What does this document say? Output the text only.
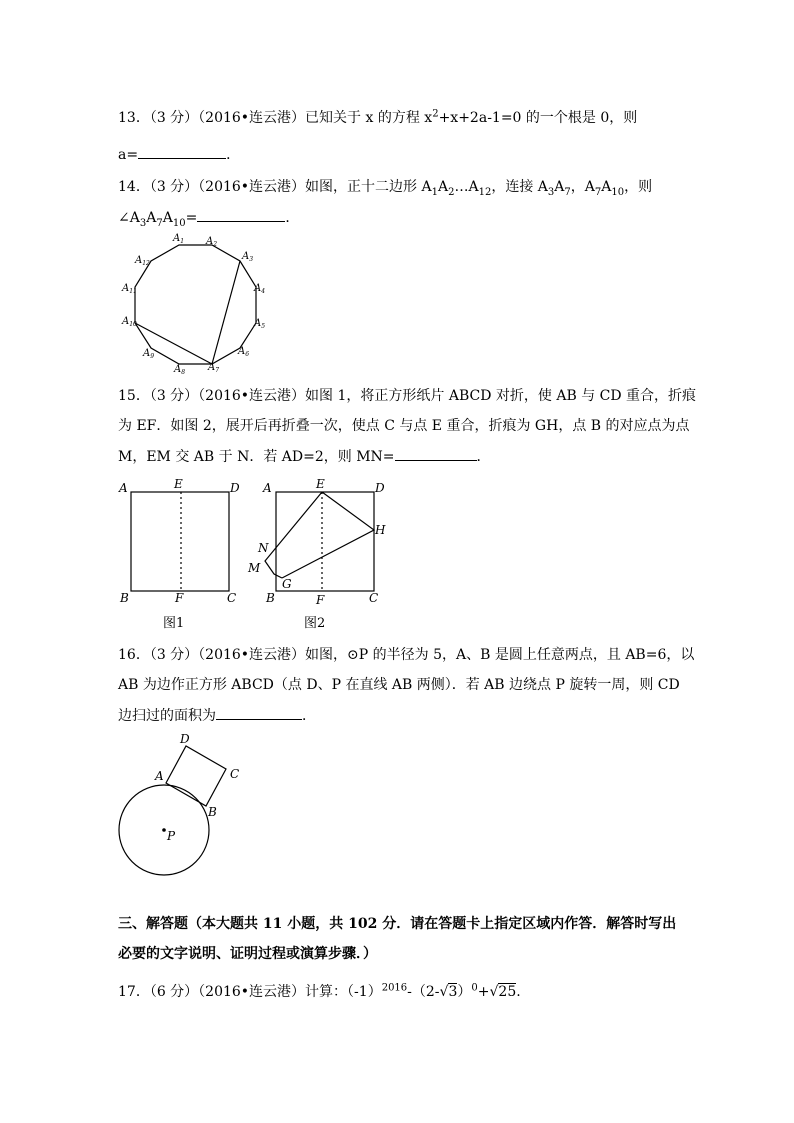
13．（3 分）（2016•连云港）已知关于 x 的方程 $x^2+x+2a-1=0$ 的一个根是 0，则
a=	．
14．（3 分）（2016•连云港）如图，正十二边形 $A_1A_2\dots A_{12}$，连接 $A_3A_7$，$A_7A_{10}$，则
$\angle A_3A_7A_{10}=$	．
$A_1$ $A_2$
$A_3$
$A_4$
$A_5$
$A_6$
$A_7$
$A_8$
$A_9$
$A_{10}$
$A_{11}$
$A_{12}$
15．（3 分）（2016•连云港）如图 1，将正方形纸片 ABCD 对折，使 AB 与 CD 重合，折痕
为 EF．如图 2，展开后再折叠一次，使点 C 与点 E 重合，折痕为 GH，点 B 的对应点为点
M，EM 交 AB 于 N．若 AD=2，则 MN=	．
A	E	D
B	F	C
图1
A	E	D
H
N
M
G
B	F	C
图2
16．（3 分）（2016•连云港）如图，⊙P 的半径为 5，A、B 是圆上任意两点，且 AB=6，以
AB 为边作正方形 ABCD（点 D、P 在直线 AB 两侧）．若 AB 边绕点 P 旋转一周，则 CD
边扫过的面积为	．
D
A	C
B
P
三、解答题（本大题共 11 小题，共 102 分．请在答题卡上指定区域内作答．解答时写出
必要的文字说明、证明过程或演算步骤．）
17．（6 分）（2016•连云港）计算：$(-1)^{2016}-(2-√3)^0+√25$.
